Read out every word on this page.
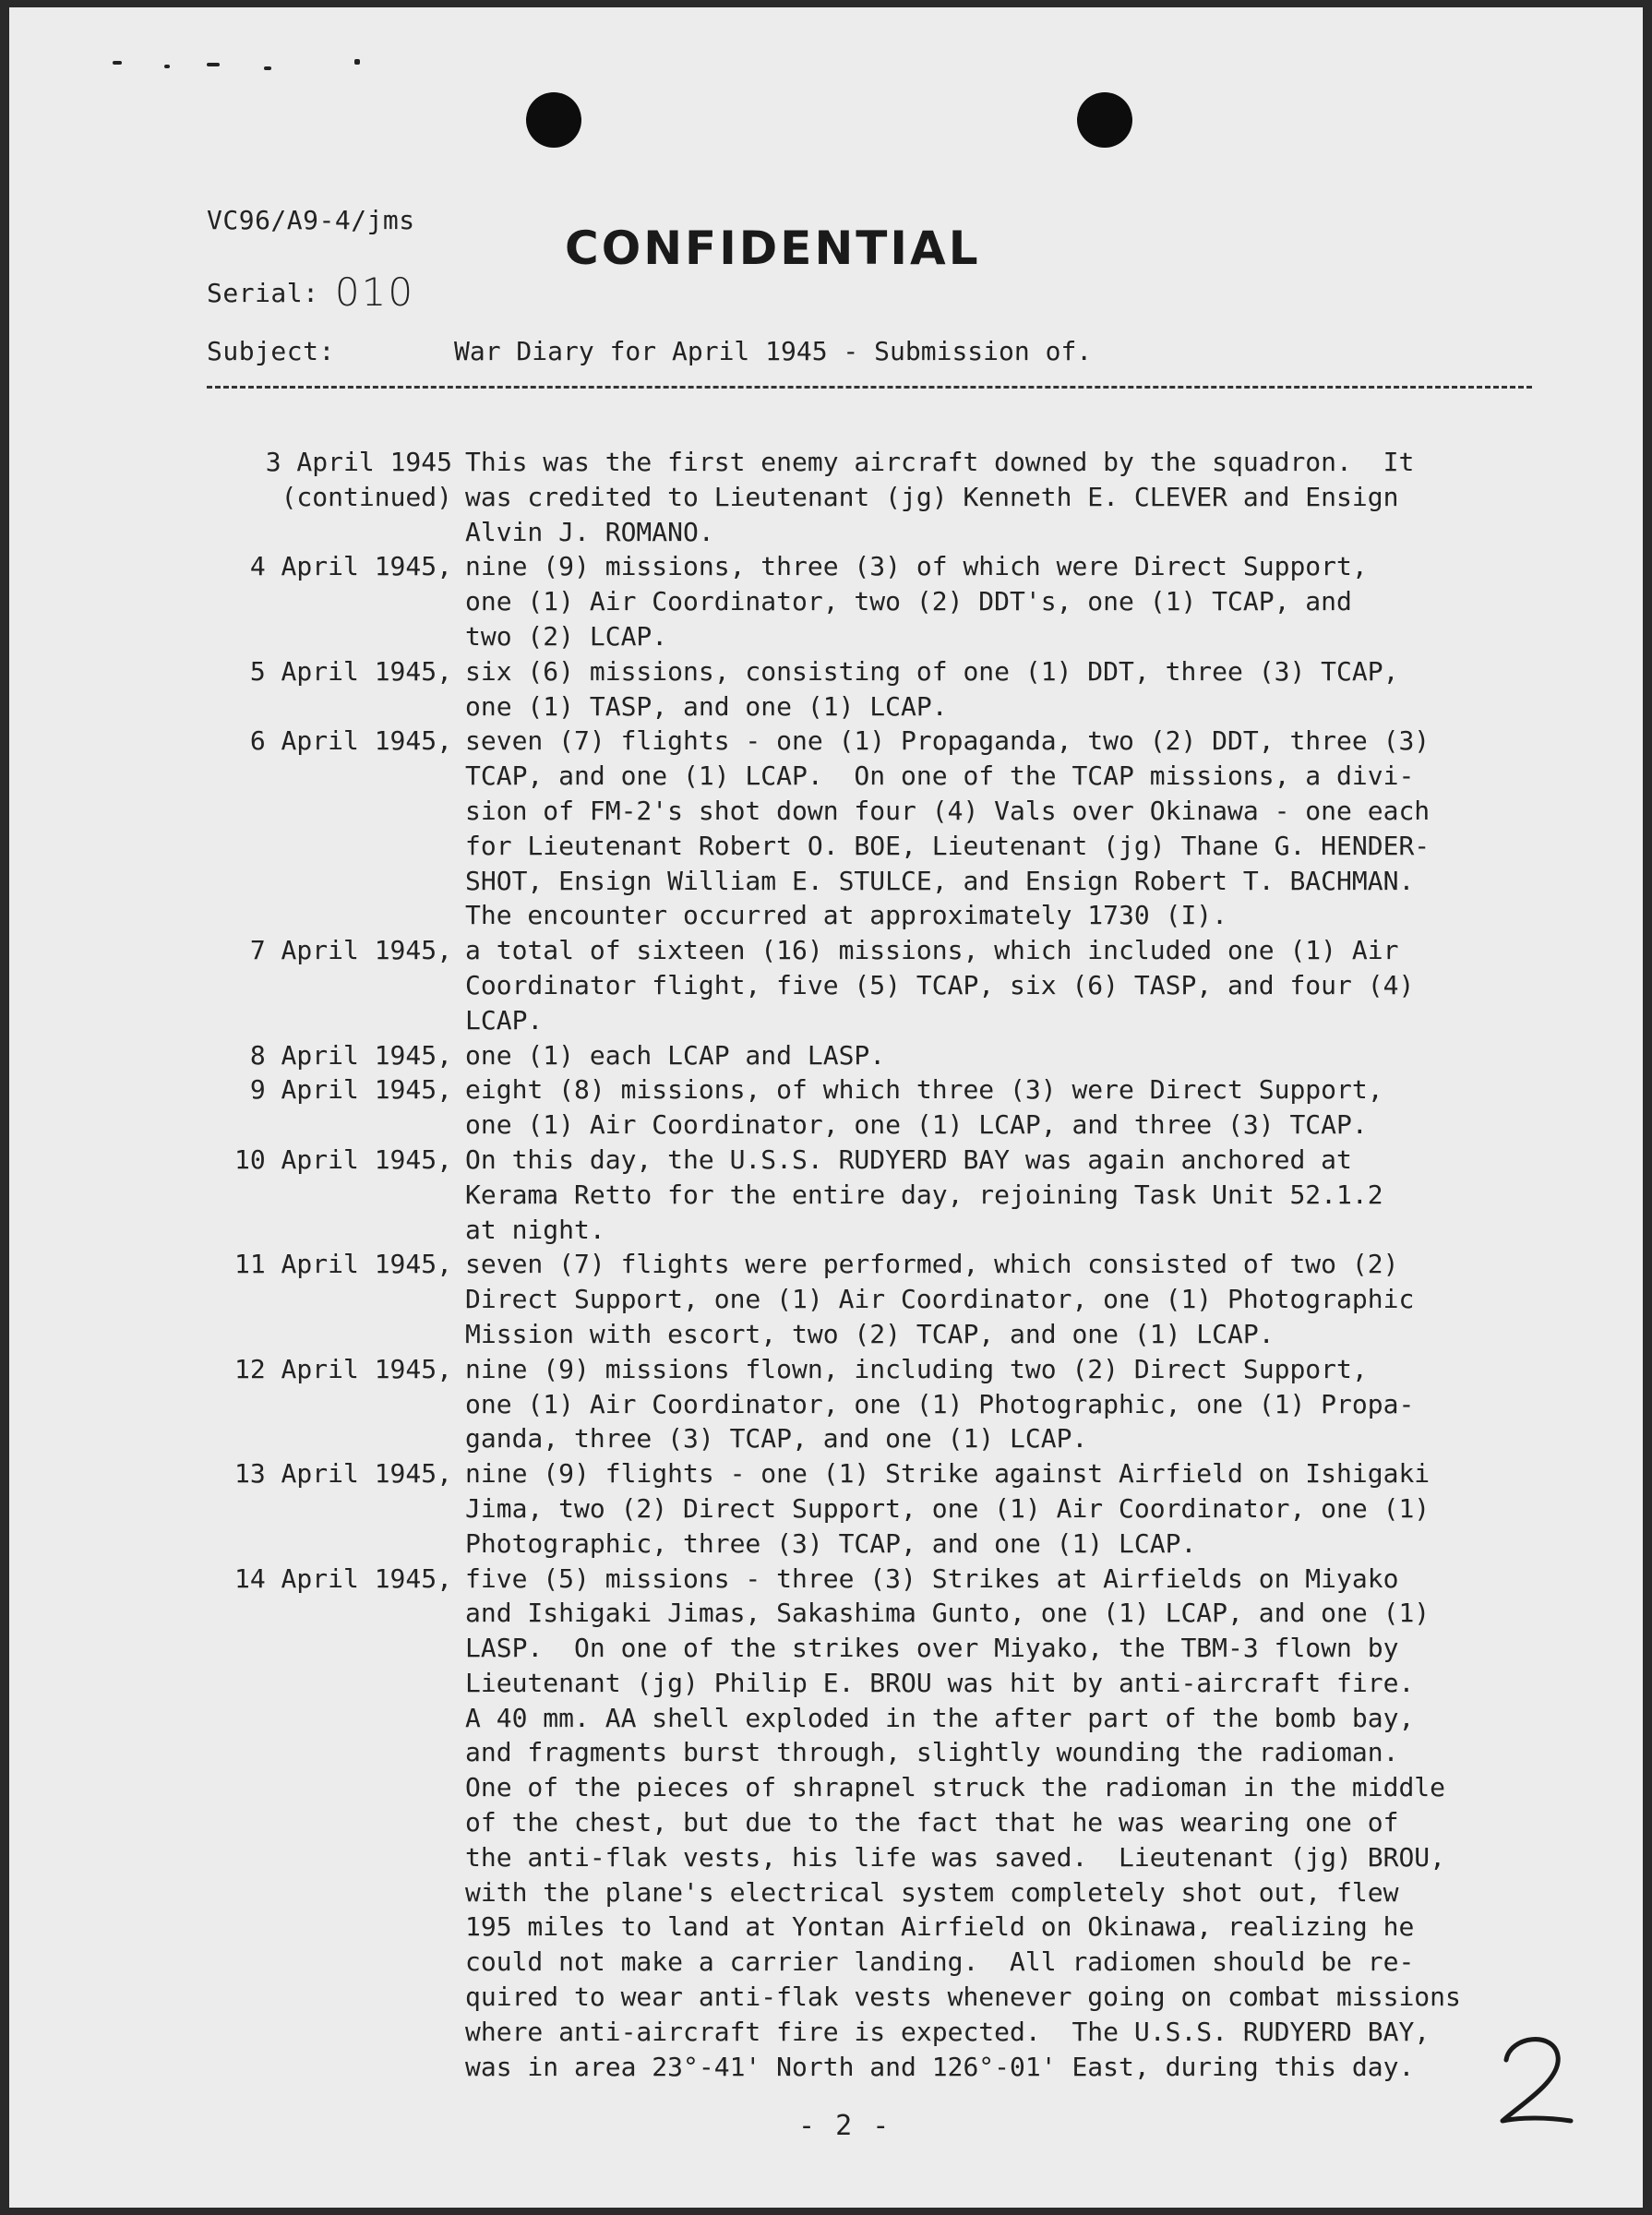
VC96/A9-4/jms
CONFIDENTIAL
Serial: 010
Subject:	War Diary for April 1945 - Submission of.
3 April 1945
(continued)
This was the first enemy aircraft downed by the squadron.  It
was credited to Lieutenant (jg) Kenneth E. CLEVER and Ensign
Alvin J. ROMANO.
4 April 1945, nine (9) missions, three (3) of which were Direct Support,
one (1) Air Coordinator, two (2) DDT's, one (1) TCAP, and
two (2) LCAP.
5 April 1945, six (6) missions, consisting of one (1) DDT, three (3) TCAP,
one (1) TASP, and one (1) LCAP.
6 April 1945, seven (7) flights - one (1) Propaganda, two (2) DDT, three (3)
TCAP, and one (1) LCAP.  On one of the TCAP missions, a divi-
sion of FM-2's shot down four (4) Vals over Okinawa - one each
for Lieutenant Robert O. BOE, Lieutenant (jg) Thane G. HENDER-
SHOT, Ensign William E. STULCE, and Ensign Robert T. BACHMAN.
The encounter occurred at approximately 1730 (I).
7 April 1945, a total of sixteen (16) missions, which included one (1) Air
Coordinator flight, five (5) TCAP, six (6) TASP, and four (4)
LCAP.
8 April 1945, one (1) each LCAP and LASP.
9 April 1945, eight (8) missions, of which three (3) were Direct Support,
one (1) Air Coordinator, one (1) LCAP, and three (3) TCAP.
10 April 1945, On this day, the U.S.S. RUDYERD BAY was again anchored at
Kerama Retto for the entire day, rejoining Task Unit 52.1.2
at night.
11 April 1945, seven (7) flights were performed, which consisted of two (2)
Direct Support, one (1) Air Coordinator, one (1) Photographic
Mission with escort, two (2) TCAP, and one (1) LCAP.
12 April 1945, nine (9) missions flown, including two (2) Direct Support,
one (1) Air Coordinator, one (1) Photographic, one (1) Propa-
ganda, three (3) TCAP, and one (1) LCAP.
13 April 1945, nine (9) flights - one (1) Strike against Airfield on Ishigaki
Jima, two (2) Direct Support, one (1) Air Coordinator, one (1)
Photographic, three (3) TCAP, and one (1) LCAP.
14 April 1945, five (5) missions - three (3) Strikes at Airfields on Miyako
and Ishigaki Jimas, Sakashima Gunto, one (1) LCAP, and one (1)
LASP.  On one of the strikes over Miyako, the TBM-3 flown by
Lieutenant (jg) Philip E. BROU was hit by anti-aircraft fire.
A 40 mm. AA shell exploded in the after part of the bomb bay,
and fragments burst through, slightly wounding the radioman.
One of the pieces of shrapnel struck the radioman in the middle
of the chest, but due to the fact that he was wearing one of
the anti-flak vests, his life was saved.  Lieutenant (jg) BROU,
with the plane's electrical system completely shot out, flew
195 miles to land at Yontan Airfield on Okinawa, realizing he
could not make a carrier landing.  All radiomen should be re-
quired to wear anti-flak vests whenever going on combat missions
where anti-aircraft fire is expected.  The U.S.S. RUDYERD BAY,
was in area 23°-41' North and 126°-01' East, during this day.
- 2 -
